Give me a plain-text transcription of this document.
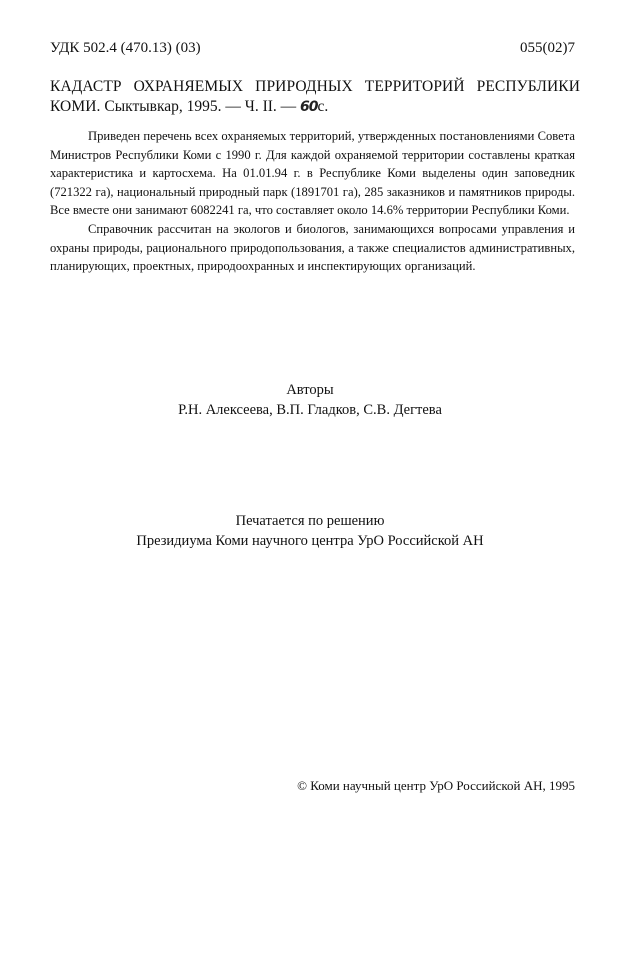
УДК 502.4 (470.13) (03)	055(02)7
КАДАСТР ОХРАНЯЕМЫХ ПРИРОДНЫХ ТЕРРИТОРИЙ РЕСПУБЛИКИ КОМИ. Сыктывкар, 1995. — Ч. II. — 60с.

Приведен перечень всех охраняемых территорий, утвержденных постановлениями Совета Министров Республики Коми с 1990 г. Для каждой охраняемой территории составлены краткая характеристика и картосхема. На 01.01.94 г. в Республике Коми выделены один заповедник (721322 га), национальный природный парк (1891701 га), 285 заказников и памятников природы. Все вместе они занимают 6082241 га, что составляет около 14.6% территории Республики Коми.

Справочник рассчитан на экологов и биологов, занимающихся вопросами управления и охраны природы, рационального природопользования, а также специалистов административных, планирующих, проектных, природоохранных и инспектирующих организаций.

Авторы
Р.Н. Алексеева, В.П. Гладков, С.В. Дегтева
Печатается по решению
Президиума Коми научного центра УрО Российской АН
© Коми научный центр УрО Российской АН, 1995
